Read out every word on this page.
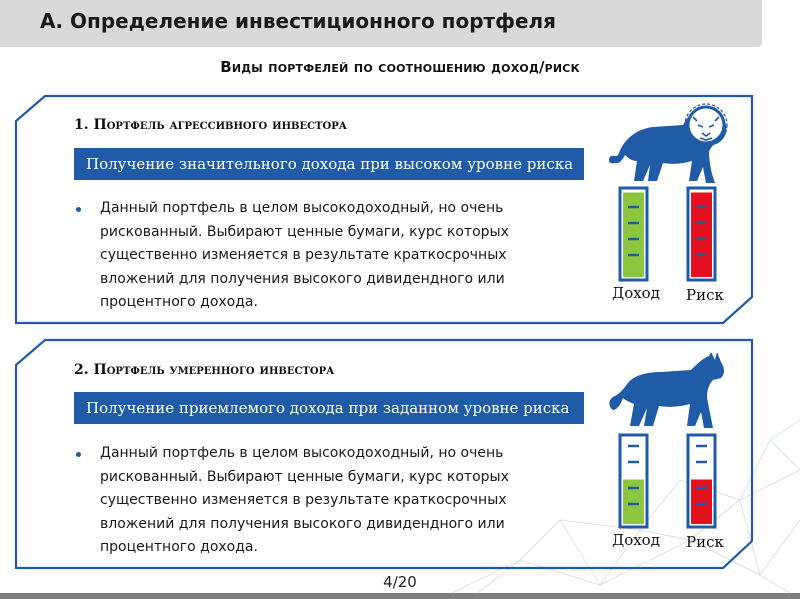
А. Определение инвестиционного портфеля
Виды портфелей по соотношению доход/риск
1. Портфель агрессивного инвестора
Получение значительного дохода при высоком уровне риска
Данный портфель в целом высокодоходный, но очень рискованный. Выбирают ценные бумаги, курс которых существенно изменяется в результате краткосрочных вложений для получения высокого дивидендного или процентного дохода.	Доход Риск
2. Портфель умеренного инвестора
Получение приемлемого дохода при заданном уровне риска
Данный портфель в целом высокодоходный, но очень рискованный. Выбирают ценные бумаги, курс которых существенно изменяется в результате краткосрочных вложений для получения высокого дивидендного или процентного дохода.	Доход Риск
4/20
